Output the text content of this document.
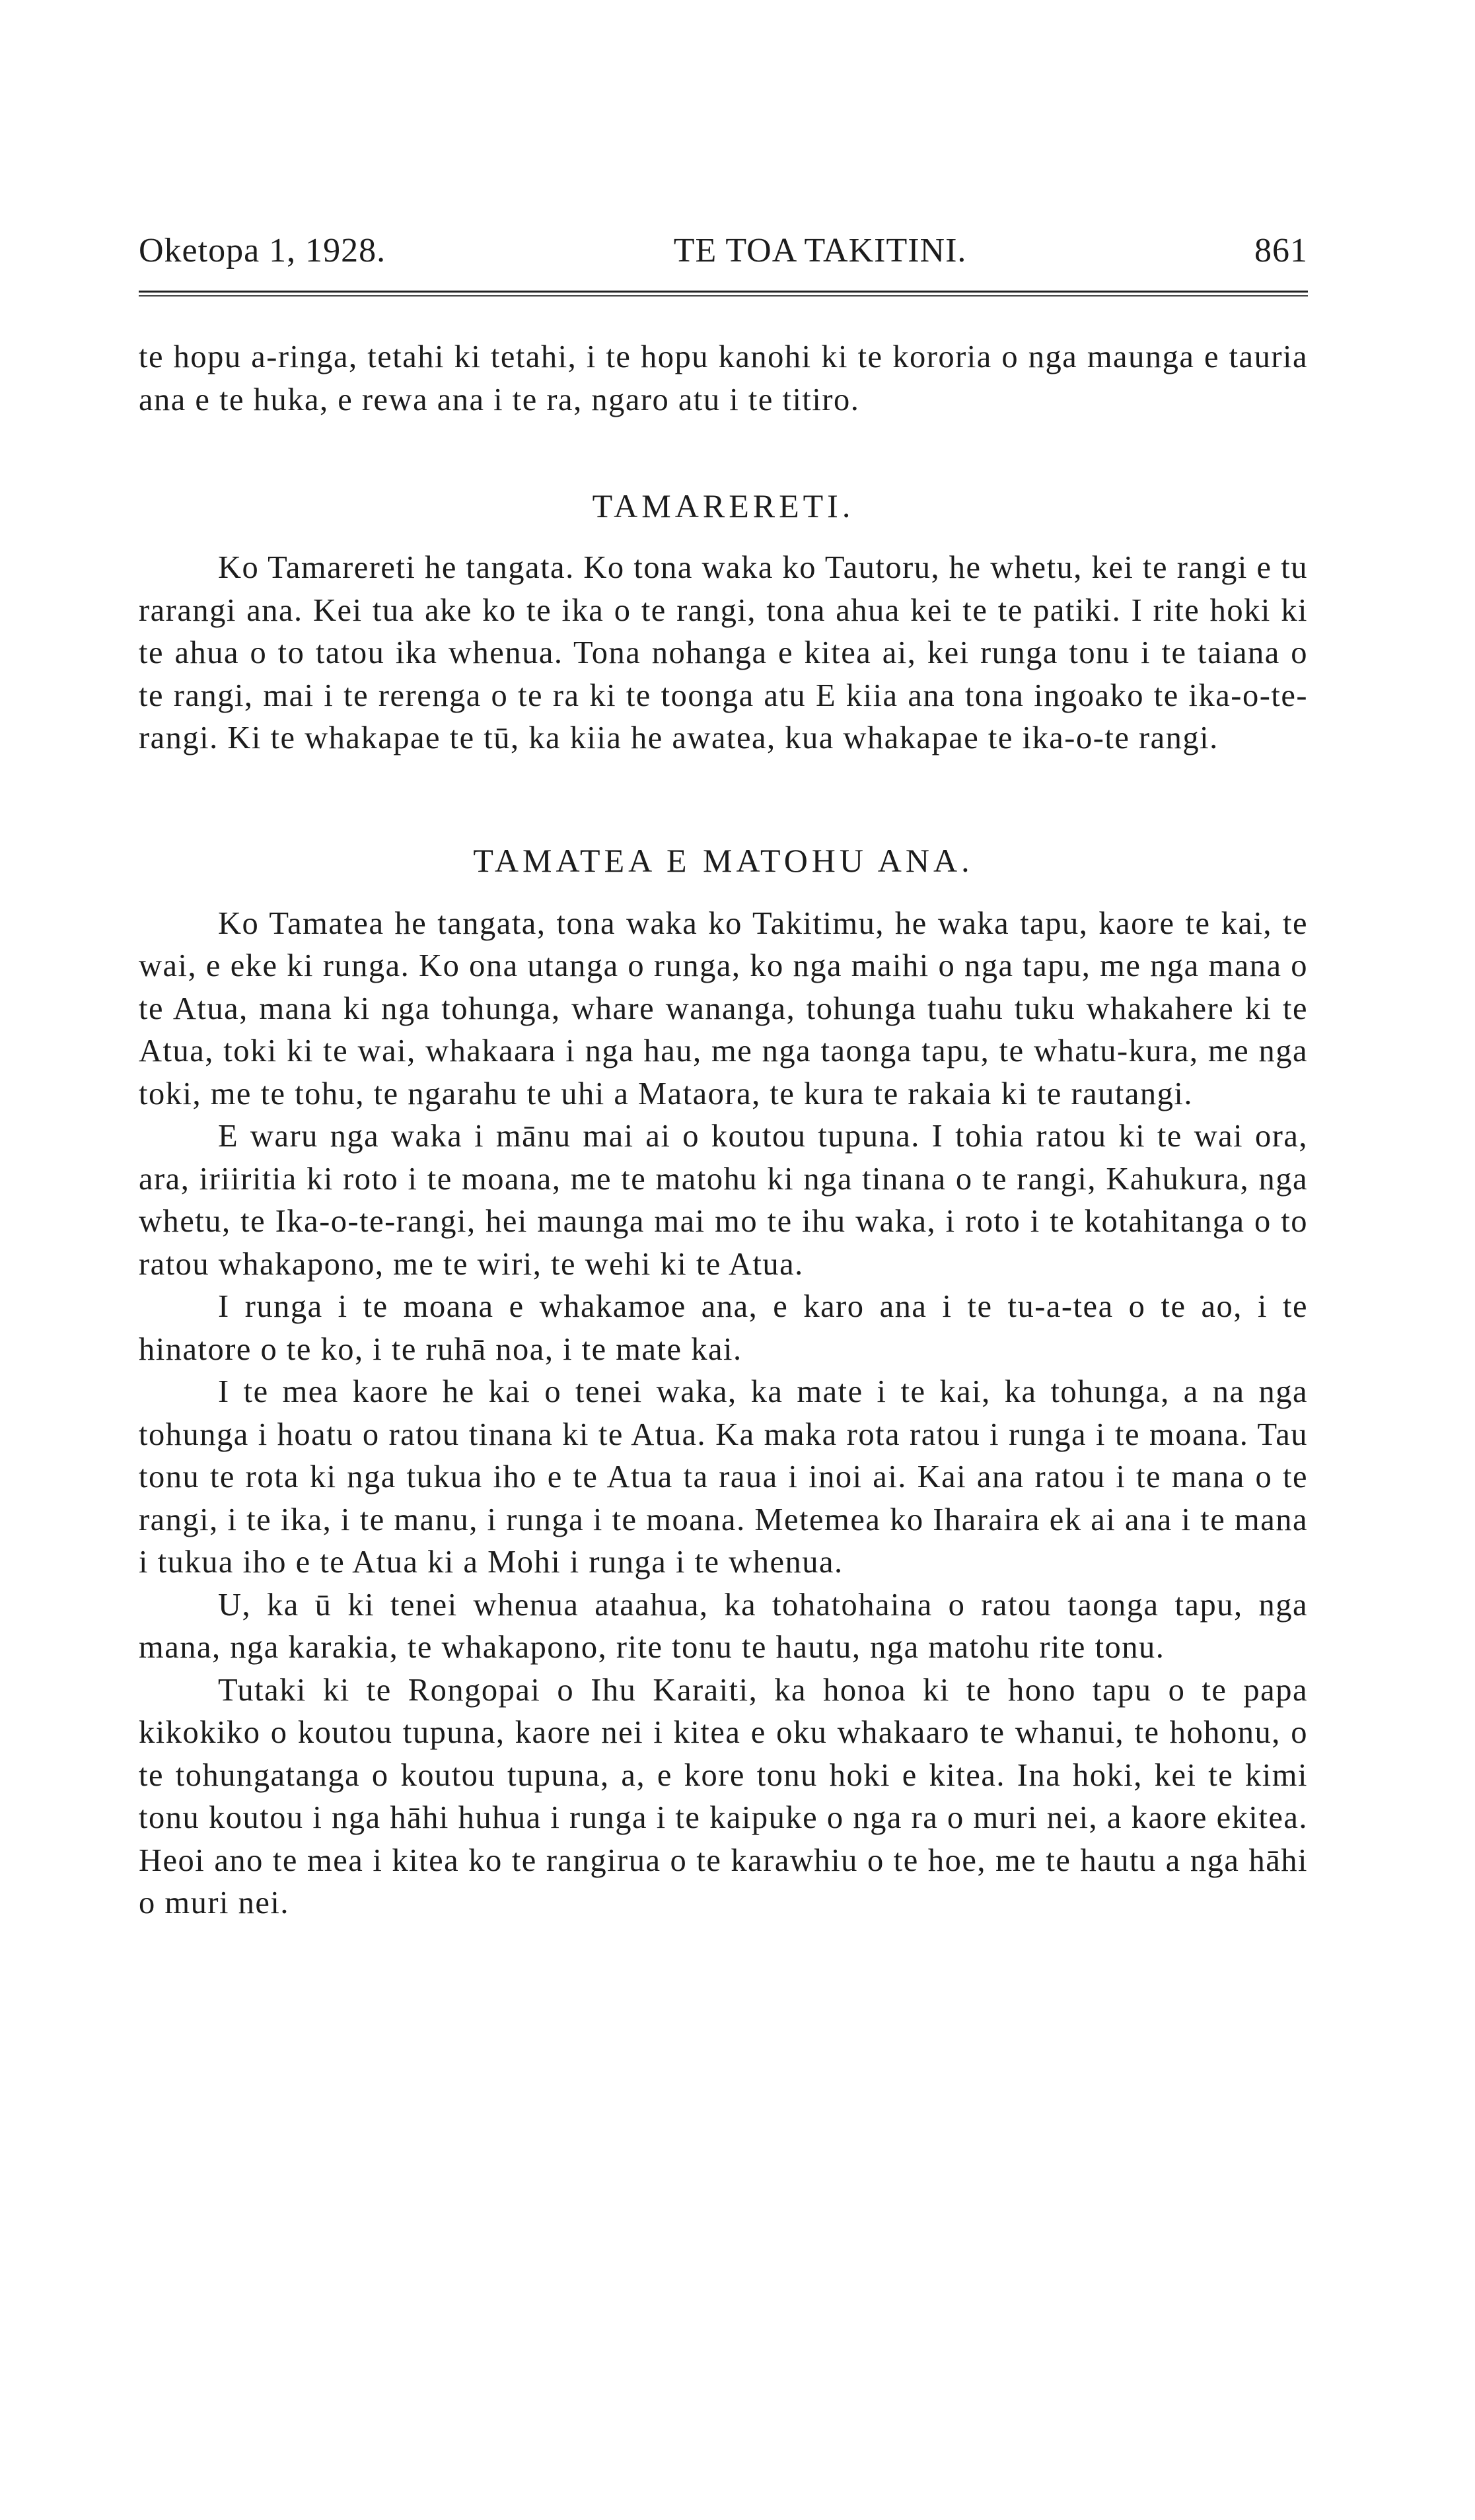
Oketopa 1, 1928.	TE TOA TAKITINI.	861

te hopu a-ringa, tetahi ki tetahi, i te hopu kanohi ki te kororia o nga maunga e tauria ana e te huka, e rewa ana i te ra, ngaro atu i te titiro.

TAMARERETI.

Ko Tamarereti he tangata. Ko tona waka ko Tautoru, he whetu, kei te rangi e tu rarangi ana. Kei tua ake ko te ika o te rangi, tona ahua kei te te patiki. I rite hoki ki te ahua o to tatou ika whenua. Tona nohanga e kitea ai, kei runga tonu i te taiana o te rangi, mai i te rerenga o te ra ki te toonga atu E kiia ana tona ingoako te ika-o-te-rangi. Ki te whakapae te tū, ka kiia he awatea, kua whakapae te ika-o-te rangi.

TAMATEA E MATOHU ANA.

Ko Tamatea he tangata, tona waka ko Takitimu, he waka tapu, kaore te kai, te wai, e eke ki runga. Ko ona utanga o runga, ko nga maihi o nga tapu, me nga mana o te Atua, mana ki nga tohunga, whare wananga, tohunga tuahu tuku whakahere ki te Atua, toki ki te wai, whakaara i nga hau, me nga taonga tapu, te whatu-kura, me nga toki, me te tohu, te ngarahu te uhi a Mataora, te kura te rakaia ki te rautangi.

E waru nga waka i mānu mai ai o koutou tupuna. I tohia ratou ki te wai ora, ara, iriiritia ki roto i te moana, me te matohu ki nga tinana o te rangi, Kahukura, nga whetu, te Ika-o-te-rangi, hei maunga mai mo te ihu waka, i roto i te kotahitanga o to ratou whakapono, me te wiri, te wehi ki te Atua.

I runga i te moana e whakamoe ana, e karo ana i te tu-a-tea o te ao, i te hinatore o te ko, i te ruhā noa, i te mate kai.

I te mea kaore he kai o tenei waka, ka mate i te kai, ka tohunga, a na nga tohunga i hoatu o ratou tinana ki te Atua. Ka maka rota ratou i runga i te moana. Tau tonu te rota ki nga tukua iho e te Atua ta raua i inoi ai. Kai ana ratou i te mana o te rangi, i te ika, i te manu, i runga i te moana. Metemea ko Iharaira ek ai ana i te mana i tukua iho e te Atua ki a Mohi i runga i te whenua.

U, ka ū ki tenei whenua ataahua, ka tohatohaina o ratou taonga tapu, nga mana, nga karakia, te whakapono, rite tonu te hautu, nga matohu rite tonu.

Tutaki ki te Rongopai o Ihu Karaiti, ka honoa ki te hono tapu o te papa kikokiko o koutou tupuna, kaore nei i kitea e oku whakaaro te whanui, te hohonu, o te tohungatanga o koutou tupuna, a, e kore tonu hoki e kitea. Ina hoki, kei te kimi tonu koutou i nga hāhi huhua i runga i te kaipuke o nga ra o muri nei, a kaore ekitea. Heoi ano te mea i kitea ko te rangirua o te karawhiu o te hoe, me te hautu a nga hāhi o muri nei.
